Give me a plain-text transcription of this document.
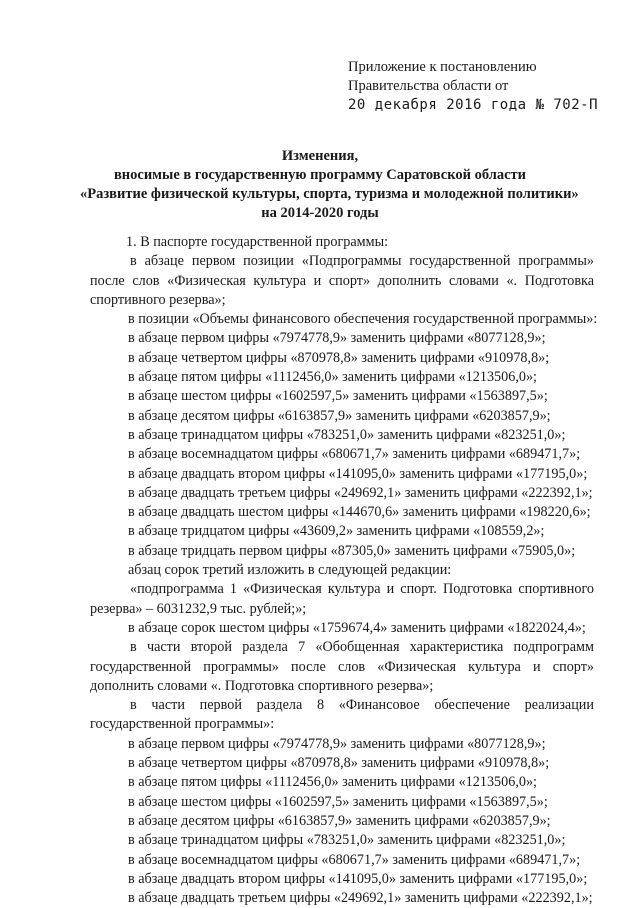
Приложение к постановлению
Правительства области от
20 декабря 2016 года № 702-П
Изменения,
вносимые в государственную программу Саратовской области
«Развитие физической культуры, спорта, туризма и молодежной политики»
на 2014-2020 годы

1. В паспорте государственной программы:

в абзаце первом позиции «Подпрограммы государственной программы» после слов «Физическая культура и спорт» дополнить словами «. Подготовка спортивного резерва»;

в позиции «Объемы финансового обеспечения государственной программы»:

в абзаце первом цифры «7974778,9» заменить цифрами «8077128,9»;

в абзаце четвертом цифры «870978,8» заменить цифрами «910978,8»;

в абзаце пятом цифры «1112456,0» заменить цифрами «1213506,0»;

в абзаце шестом цифры «1602597,5» заменить цифрами «1563897,5»;

в абзаце десятом цифры «6163857,9» заменить цифрами «6203857,9»;

в абзаце тринадцатом цифры «783251,0» заменить цифрами «823251,0»;

в абзаце восемнадцатом цифры «680671,7» заменить цифрами «689471,7»;

в абзаце двадцать втором цифры «141095,0» заменить цифрами «177195,0»;

в абзаце двадцать третьем цифры «249692,1» заменить цифрами «222392,1»;

в абзаце двадцать шестом цифры «144670,6» заменить цифрами «198220,6»;

в абзаце тридцатом цифры «43609,2» заменить цифрами «108559,2»;

в абзаце тридцать первом цифры «87305,0» заменить цифрами «75905,0»;

абзац сорок третий изложить в следующей редакции:

«подпрограмма 1 «Физическая культура и спорт. Подготовка спортивного резерва» – 6031232,9 тыс. рублей;»;

в абзаце сорок шестом цифры «1759674,4» заменить цифрами «1822024,4»;

в части второй раздела 7 «Обобщенная характеристика подпрограмм государственной программы» после слов «Физическая культура и спорт» дополнить словами «. Подготовка спортивного резерва»;

в части первой раздела 8 «Финансовое обеспечение реализации государственной программы»:

в абзаце первом цифры «7974778,9» заменить цифрами «8077128,9»;

в абзаце четвертом цифры «870978,8» заменить цифрами «910978,8»;

в абзаце пятом цифры «1112456,0» заменить цифрами «1213506,0»;

в абзаце шестом цифры «1602597,5» заменить цифрами «1563897,5»;

в абзаце десятом цифры «6163857,9» заменить цифрами «6203857,9»;

в абзаце тринадцатом цифры «783251,0» заменить цифрами «823251,0»;

в абзаце восемнадцатом цифры «680671,7» заменить цифрами «689471,7»;

в абзаце двадцать втором цифры «141095,0» заменить цифрами «177195,0»;

в абзаце двадцать третьем цифры «249692,1» заменить цифрами «222392,1»;
